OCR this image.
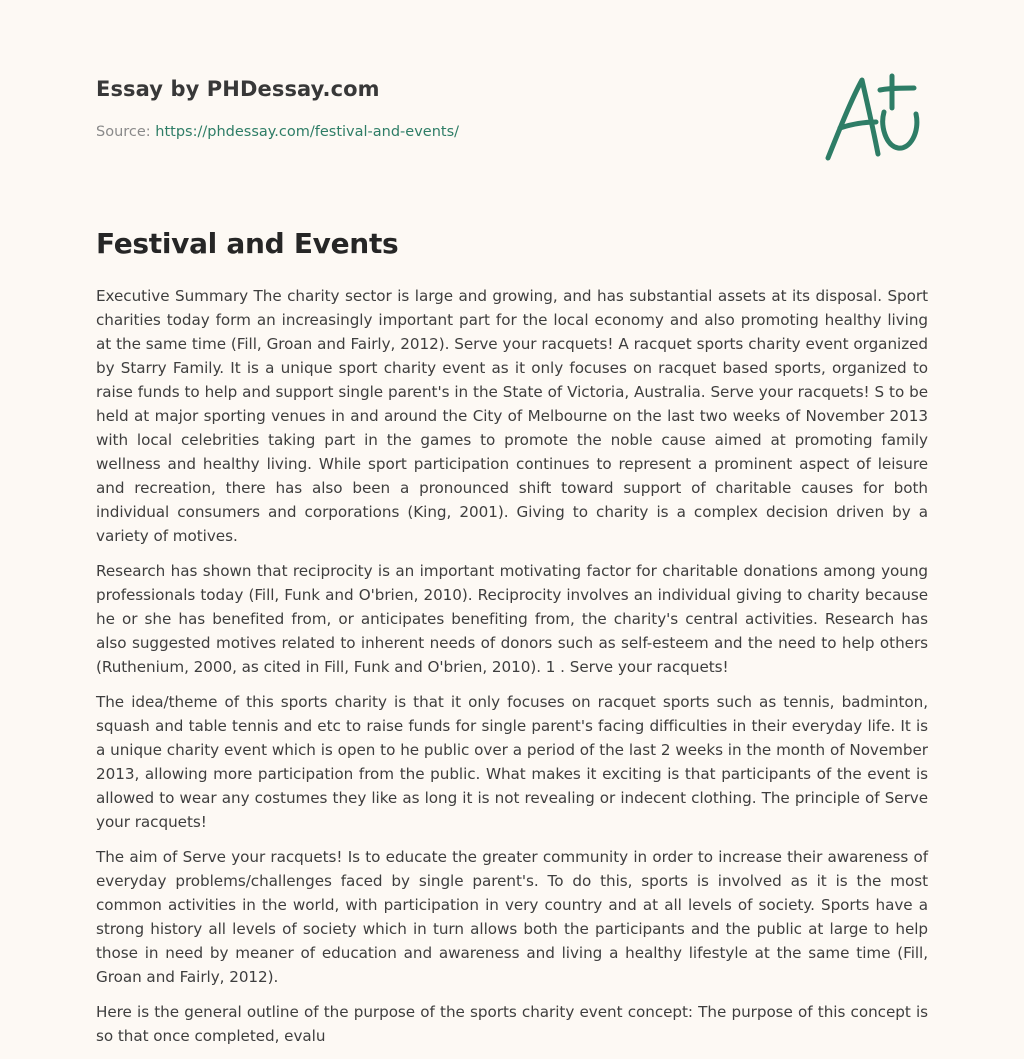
Essay by PHDessay.com
Source: https://phdessay.com/festival-and-events/
Festival and Events

Executive Summary The charity sector is large and growing, and has substantial assets at its disposal. Sport charities today form an increasingly important part for the local economy and also promoting healthy living at the same time (Fill, Groan and Fairly, 2012). Serve your racquets! A racquet sports charity event organized by Starry Family. It is a unique sport charity event as it only focuses on racquet based sports, organized to raise funds to help and support single parent's in the State of Victoria, Australia. Serve your racquets! S to be held at major sporting venues in and around the City of Melbourne on the last two weeks of November 2013 with local celebrities taking part in the games to promote the noble cause aimed at promoting family wellness and healthy living. While sport participation continues to represent a prominent aspect of leisure and recreation, there has also been a pronounced shift toward support of charitable causes for both individual consumers and corporations (King, 2001). Giving to charity is a complex decision driven by a variety of motives.

Research has shown that reciprocity is an important motivating factor for charitable donations among young professionals today (Fill, Funk and O'brien, 2010). Reciprocity involves an individual giving to charity because he or she has benefited from, or anticipates benefiting from, the charity's central activities. Research has also suggested motives related to inherent needs of donors such as self-esteem and the need to help others (Ruthenium, 2000, as cited in Fill, Funk and O'brien, 2010). 1 . Serve your racquets!

The idea/theme of this sports charity is that it only focuses on racquet sports such as tennis, badminton, squash and table tennis and etc to raise funds for single parent's facing difficulties in their everyday life. It is a unique charity event which is open to he public over a period of the last 2 weeks in the month of November 2013, allowing more participation from the public. What makes it exciting is that participants of the event is allowed to wear any costumes they like as long it is not revealing or indecent clothing. The principle of Serve your racquets!

The aim of Serve your racquets! Is to educate the greater community in order to increase their awareness of everyday problems/challenges faced by single parent's. To do this, sports is involved as it is the most common activities in the world, with participation in very country and at all levels of society. Sports have a strong history all levels of society which in turn allows both the participants and the public at large to help those in need by meaner of education and awareness and living a healthy lifestyle at the same time (Fill, Groan and Fairly, 2012).

Here is the general outline of the purpose of the sports charity event concept: The purpose of this concept is so that once completed, evalu
